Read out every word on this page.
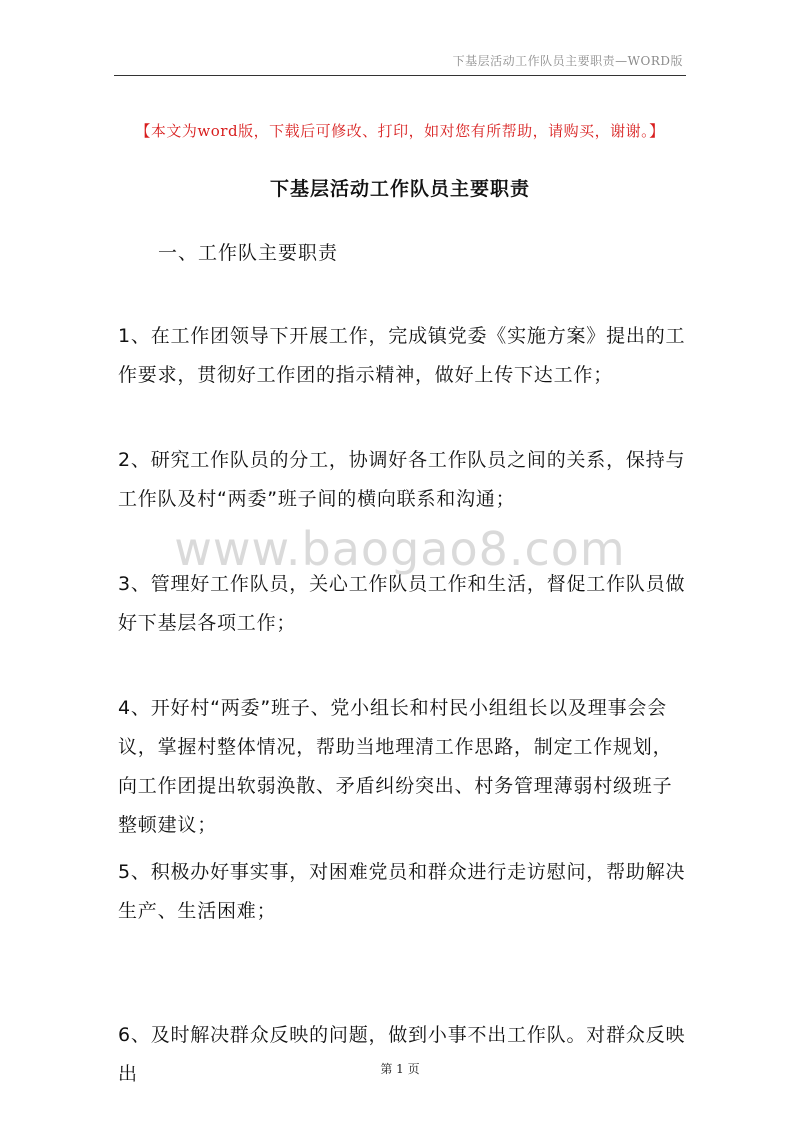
下基层活动工作队员主要职责—WORD版
【本文为word版，下载后可修改、打印，如对您有所帮助，请购买，谢谢。】
下基层活动工作队员主要职责
一、工作队主要职责
1、在工作团领导下开展工作，完成镇党委《实施方案》提出的工作要求，贯彻好工作团的指示精神，做好上传下达工作；
2、研究工作队员的分工，协调好各工作队员之间的关系，保持与工作队及村“两委”班子间的横向联系和沟通；
3、管理好工作队员，关心工作队员工作和生活，督促工作队员做好下基层各项工作；
4、开好村“两委”班子、党小组长和村民小组组长以及理事会会议，掌握村整体情况，帮助当地理清工作思路，制定工作规划，向工作团提出软弱涣散、矛盾纠纷突出、村务管理薄弱村级班子整顿建议；
5、积极办好事实事，对困难党员和群众进行走访慰问，帮助解决生产、生活困难；
6、及时解决群众反映的问题，做到小事不出工作队。对群众反映出
www.baogao8.com
第 1 页
